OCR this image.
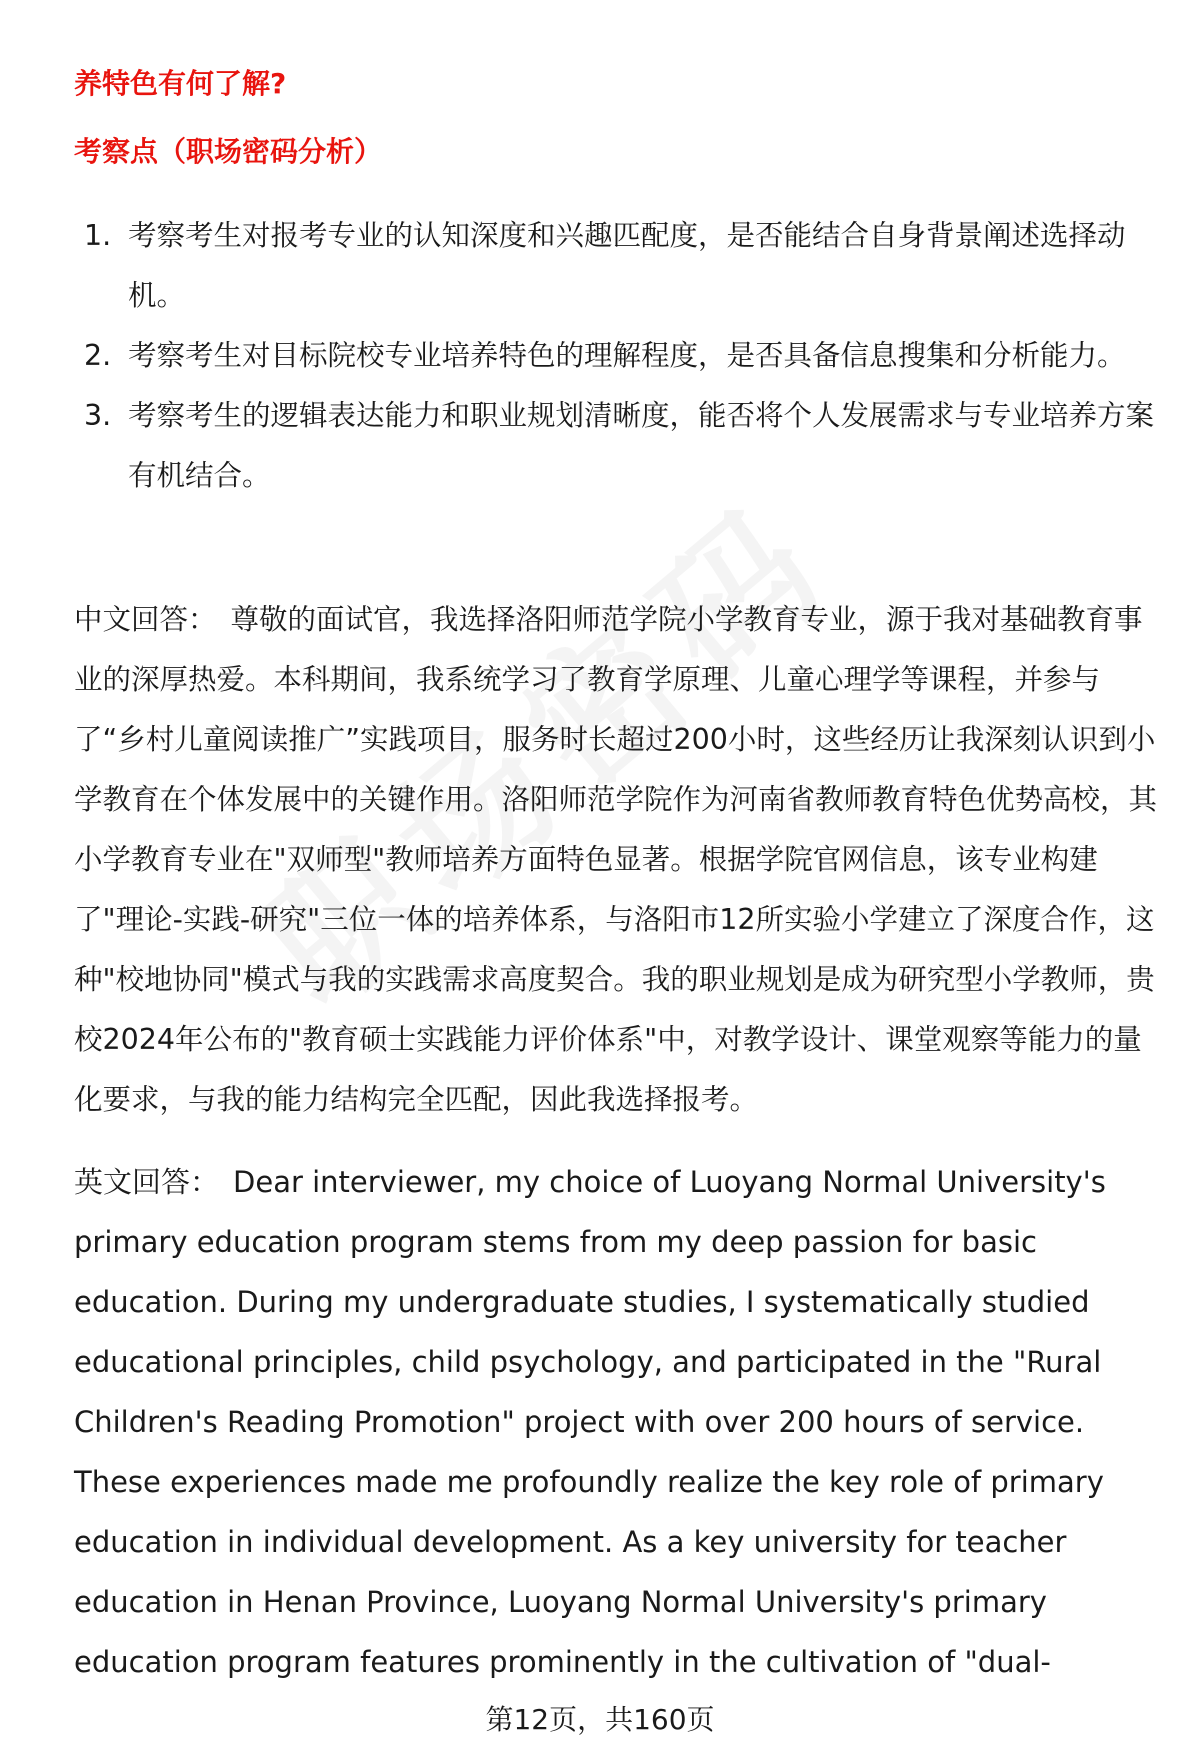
养特色有何了解?

考察点（职场密码分析）

1. 考察考生对报考专业的认知深度和兴趣匹配度，是否能结合自身背景阐述选择动机。
2. 考察考生对目标院校专业培养特色的理解程度，是否具备信息搜集和分析能力。
3. 考察考生的逻辑表达能力和职业规划清晰度，能否将个人发展需求与专业培养方案有机结合。

中文回答： 尊敬的面试官，我选择洛阳师范学院小学教育专业，源于我对基础教育事业的深厚热爱。本科期间，我系统学习了教育学原理、儿童心理学等课程，并参与了“乡村儿童阅读推广”实践项目，服务时长超过200小时，这些经历让我深刻认识到小学教育在个体发展中的关键作用。洛阳师范学院作为河南省教师教育特色优势高校，其小学教育专业在"双师型"教师培养方面特色显著。根据学院官网信息，该专业构建了"理论-实践-研究"三位一体的培养体系，与洛阳市12所实验小学建立了深度合作，这种"校地协同"模式与我的实践需求高度契合。我的职业规划是成为研究型小学教师，贵校2024年公布的"教育硕士实践能力评价体系"中，对教学设计、课堂观察等能力的量化要求，与我的能力结构完全匹配，因此我选择报考。

英文回答： Dear interviewer, my choice of Luoyang Normal University's primary education program stems from my deep passion for basic education. During my undergraduate studies, I systematically studied educational principles, child psychology, and participated in the "Rural Children's Reading Promotion" project with over 200 hours of service. These experiences made me profoundly realize the key role of primary education in individual development. As a key university for teacher education in Henan Province, Luoyang Normal University's primary education program features prominently in the cultivation of "dual-

第12页，共160页
